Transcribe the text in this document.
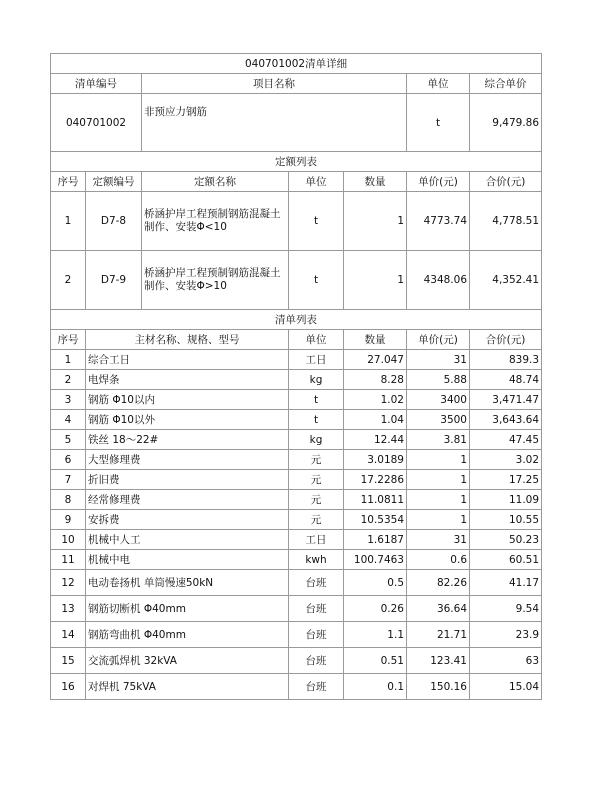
040701002清单详细						
清单编号		项目名称			单位	综合单价
040701002		非预应力钢筋			t	9,479.86
定额列表						
序号	定额编号	定额名称	单位	数量	单价(元)	合价(元)
1	D7-8	桥涵护岸工程预制钢筋混凝土制作、安装Φ<10	t	1	4773.74	4,778.51
2	D7-9	桥涵护岸工程预制钢筋混凝土制作、安装Φ>10	t	1	4348.06	4,352.41
清单列表						
序号	主材名称、规格、型号		单位	数量	单价(元)	合价(元)
1	综合工日		工日	27.047	31	839.3
2	电焊条		kg	8.28	5.88	48.74
3	钢筋 Φ10以内		t	1.02	3400	3,471.47
4	钢筋 Φ10以外		t	1.04	3500	3,643.64
5	铁丝 18～22#		kg	12.44	3.81	47.45
6	大型修理费		元	3.0189	1	3.02
7	折旧费		元	17.2286	1	17.25
8	经常修理费		元	11.0811	1	11.09
9	安拆费		元	10.5354	1	10.55
10	机械中人工		工日	1.6187	31	50.23
11	机械中电		kwh	100.7463	0.6	60.51
12	电动卷扬机 单筒慢速50kN		台班	0.5	82.26	41.17
13	钢筋切断机 Φ40mm		台班	0.26	36.64	9.54
14	钢筋弯曲机 Φ40mm		台班	1.1	21.71	23.9
15	交流弧焊机 32kVA		台班	0.51	123.41	63
16	对焊机 75kVA		台班	0.1	150.16	15.04
